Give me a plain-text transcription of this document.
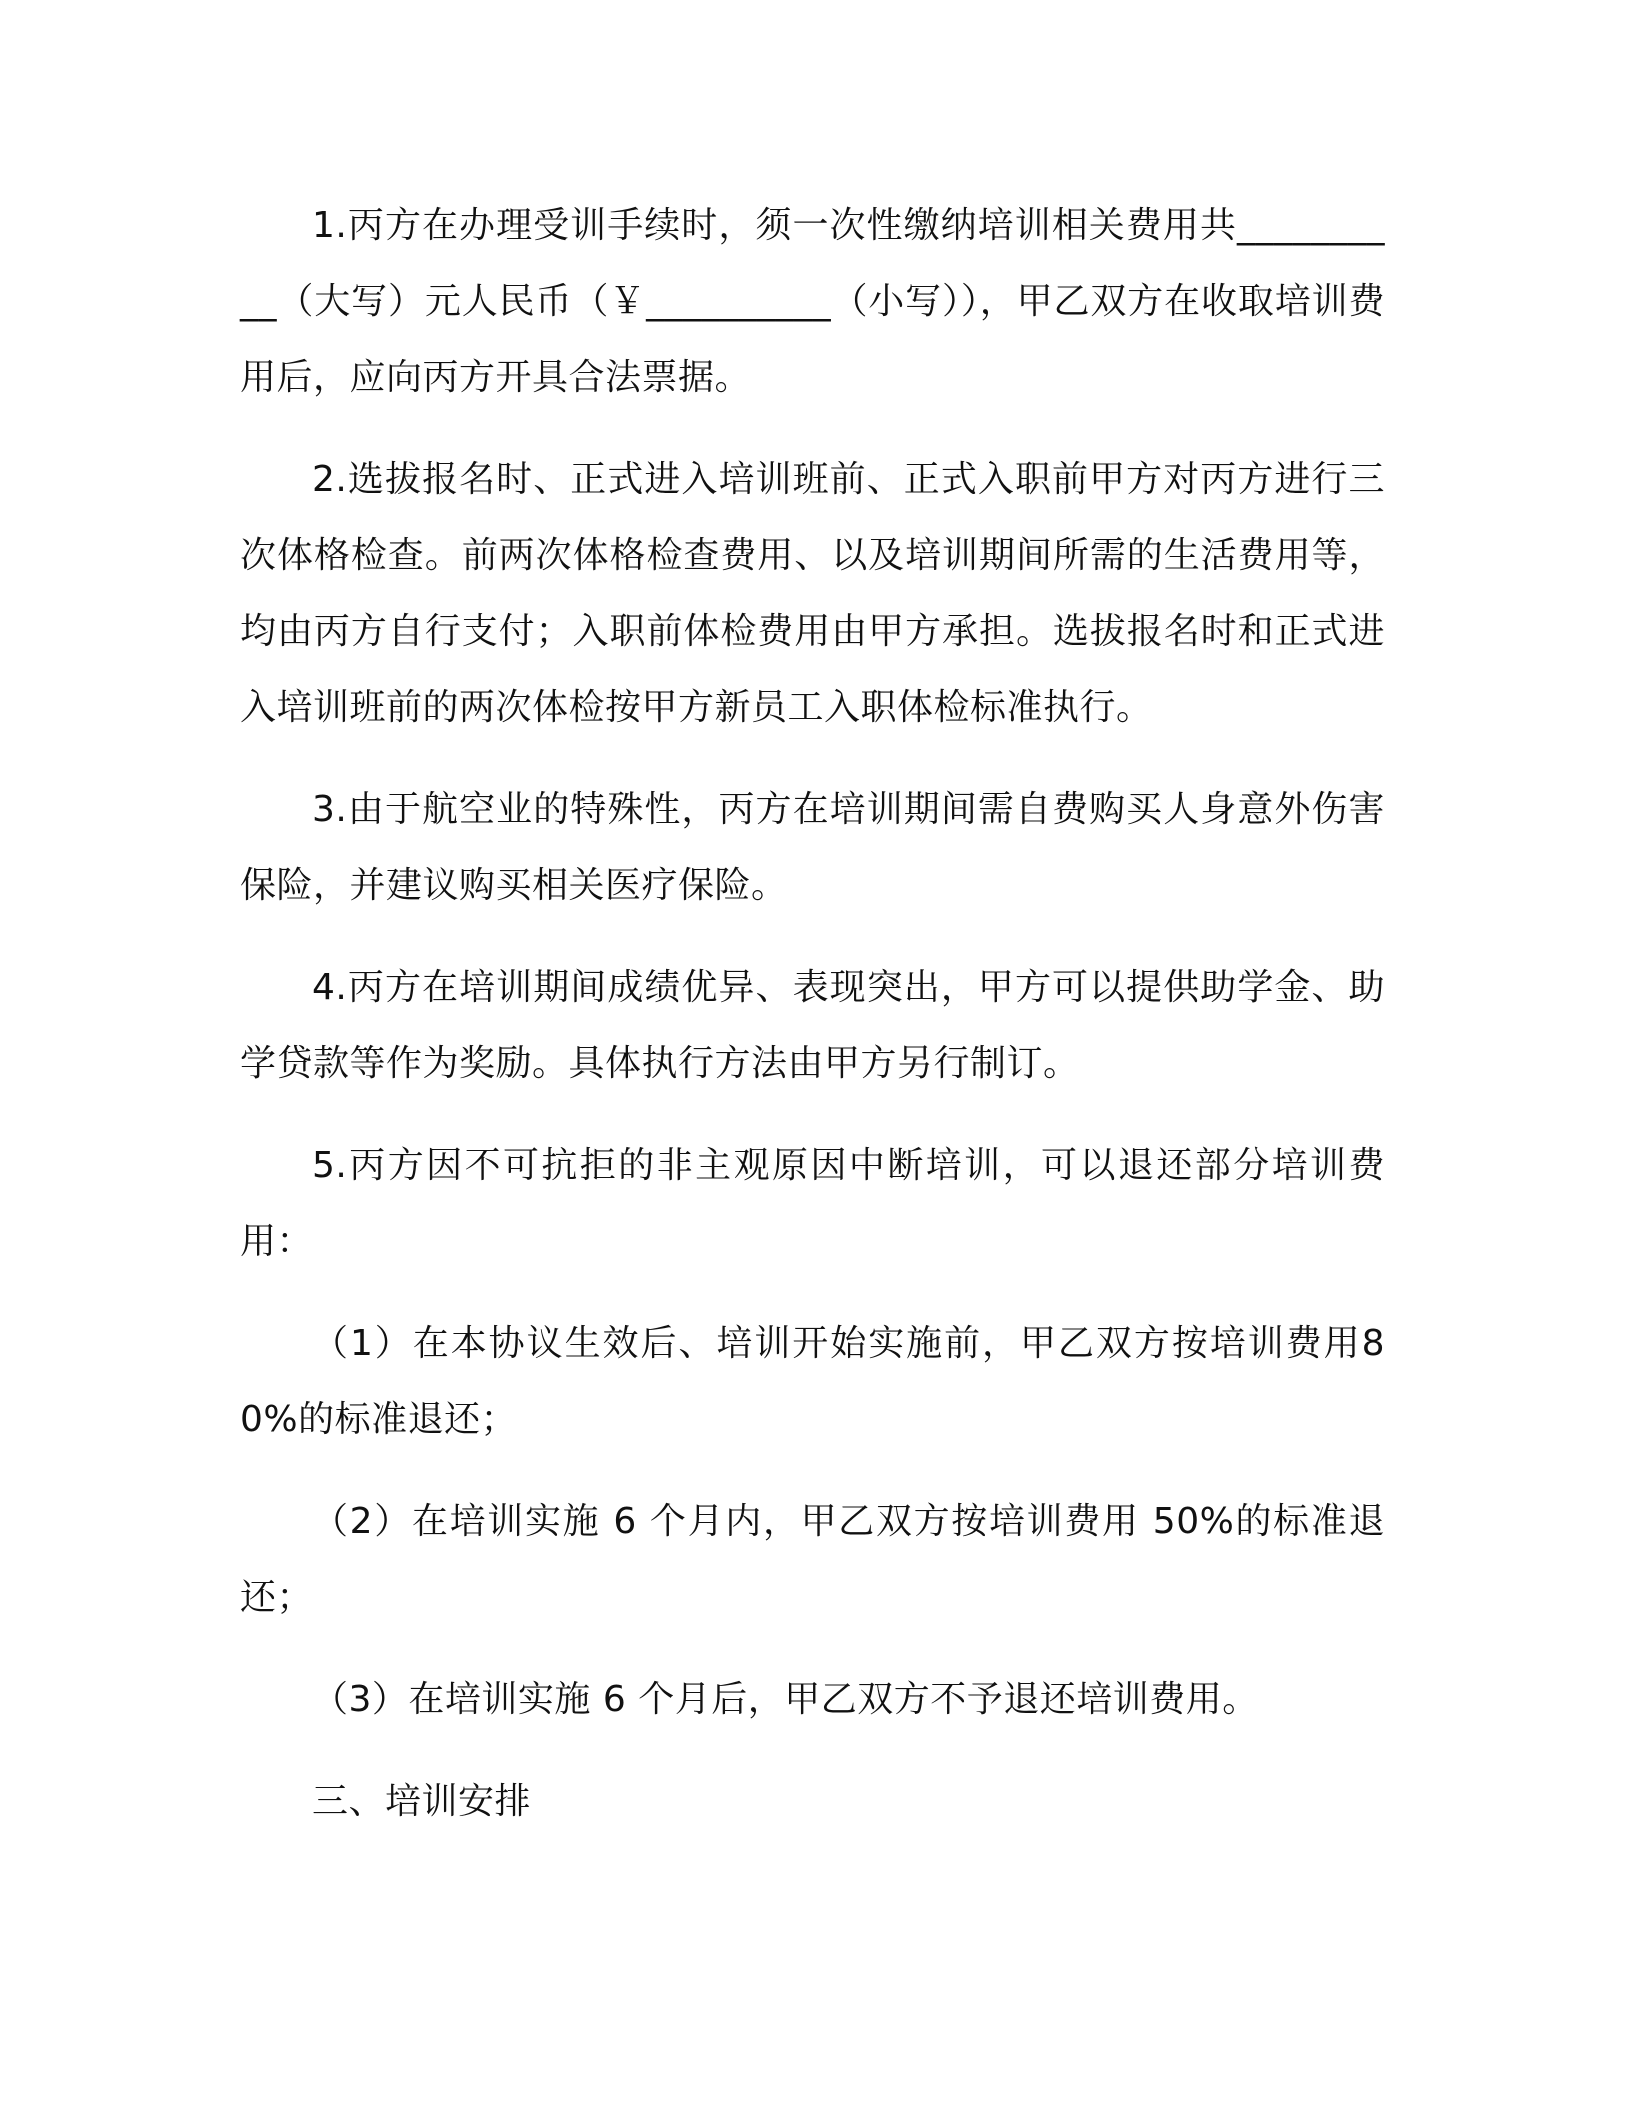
1.丙方在办理受训手续时，须一次性缴纳培训相关费用共__________（大写）元人民币（￥__________（小写）），甲乙双方在收取培训费用后，应向丙方开具合法票据。

2.选拔报名时、正式进入培训班前、正式入职前甲方对丙方进行三次体格检查。前两次体格检查费用、以及培训期间所需的生活费用等，均由丙方自行支付；入职前体检费用由甲方承担。选拔报名时和正式进入培训班前的两次体检按甲方新员工入职体检标准执行。

3.由于航空业的特殊性，丙方在培训期间需自费购买人身意外伤害保险，并建议购买相关医疗保险。

4.丙方在培训期间成绩优异、表现突出，甲方可以提供助学金、助学贷款等作为奖励。具体执行方法由甲方另行制订。

5.丙方因不可抗拒的非主观原因中断培训，可以退还部分培训费用：

（1）在本协议生效后、培训开始实施前，甲乙双方按培训费用80%的标准退还；

（2）在培训实施 6 个月内，甲乙双方按培训费用 50%的标准退还；

（3）在培训实施 6 个月后，甲乙双方不予退还培训费用。

三、培训安排
